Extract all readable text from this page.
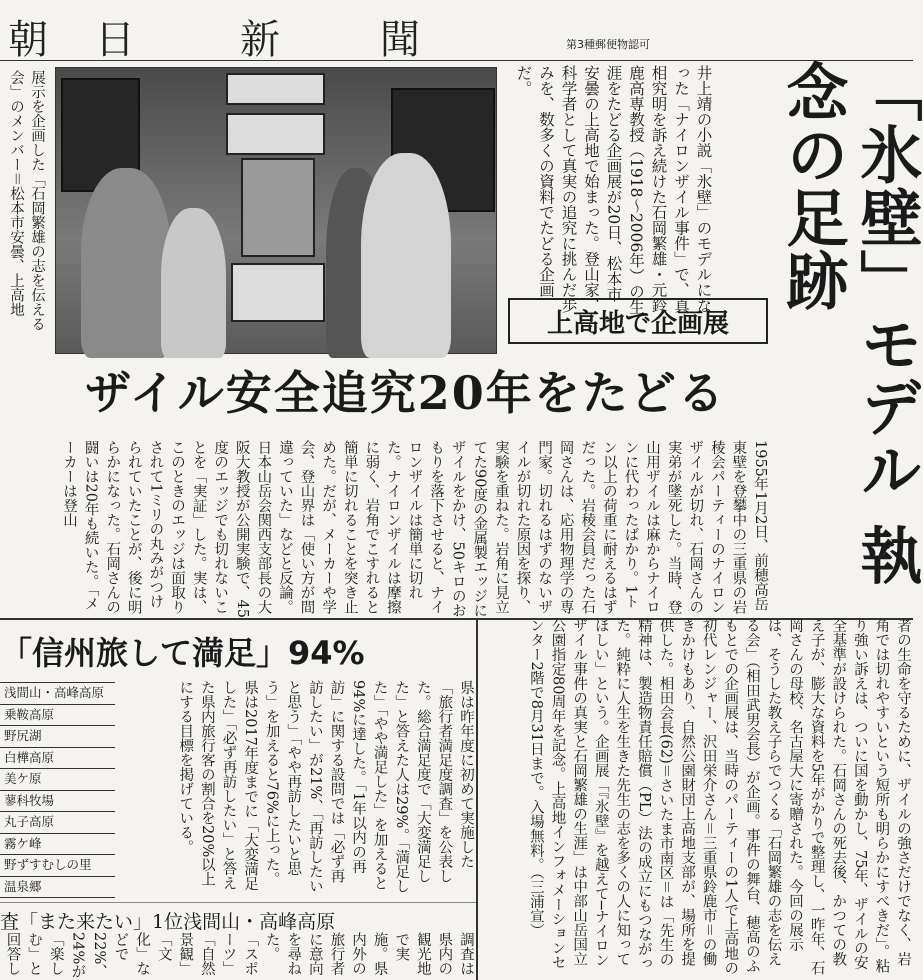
朝 日	新	聞	第3種郵便物認可
展示を企画した「石岡繁雄の志を伝える会」のメンバー＝松本市安曇、上高地	井上靖の小説「氷壁」のモデルになった「ナイロンザイル事件」で、真相究明を訴え続けた石岡繁雄・元鈴鹿高専教授（1918〜2006年）の生涯をたどる企画展が20日、松本市安曇の上高地で始まった。登山家、科学者として真実の追究に挑んだ歩みを、数多くの資料でたどる企画だ。	「氷壁」モデル 執念の足跡
上高地で企画展
ザイル安全追究20年をたどる
1955年1月2日、前穂高岳東壁を登攀中の三重県の岩稜会パーティーのナイロンザイルが切れ、石岡さんの実弟が墜死した。当時、登山用ザイルは麻からナイロンに代わったばかり。1トン以上の荷重に耐えるはずだった。岩稜会員だった石岡さんは、応用物理学の専門家。切れるはずのないザイルが切れた原因を探り、実験を重ねた。岩角に見立てた90度の金属製エッジにザイルをかけ、50キロのおもりを落下させると、ナイロンザイルは簡単に切れた。ナイロンザイルは摩擦に弱く、岩角でこすれると簡単に切れることを突き止めた。だが、メーカーや学会、登山界は「使い方が間違っていた」などと反論。日本山岳会関西支部長の大阪大教授が公開実験で、45度のエッジでも切れないことを「実証」した。実は、このときのエッジは面取りされて1ミリの丸みがつけられていたことが、後に明らかになった。石岡さんの闘いは20年も続いた。「メーカーは登山
者の生命を守るために、ザイルの強さだけでなく、岩角では切れやすいという短所も明らかにすべきだ」。粘り強い訴えは、ついに国を動かし、75年、ザイルの安全基準が設けられた。石岡さんの死去後、かつての教え子が、膨大な資料を5年がかりで整理し、一昨年、石岡さんの母校、名古屋大に寄贈された。今回の展示は、そうした教え子らでつくる「石岡繁雄の志を伝える会」（相田武男会長）が企画。事件の舞台、穂高のふもとでの企画展は、当時のパーティーの1人で上高地の初代レンジャー、沢田栄介さん＝三重県鈴鹿市＝の働きかけもあり、自然公園財団上高地支部が、場所を提供した。相田会長(62)＝さいたま市南区＝は「先生の精神は、製造物責任賠償（PL）法の成立にもつながった。純粋に人生を生きた先生の志を多くの人に知ってほしい」という。企画展「『氷壁』を越えて─ナイロンザイル事件の真実と石岡繁雄の生涯」は中部山岳国立公園指定80周年を記念。上高地インフォメーションセンター2階で8月31日まで。入場無料。（三浦宣）
「信州旅して満足」94%
浅間山・高峰高原
乗鞍高原
野尻湖
白樺高原
美ケ原
蓼科牧場
丸子高原
霧ケ峰
野ずすむしの里
温泉郷
県は昨年度に初めて実施した「旅行者満足度調査」を公表した。総合満足度で「大変満足した」と答えた人は29%。「満足した」「やや満足した」を加えると94%に達した。「1年以内の再訪」に関する設問では「必ず再訪したい」が21%、「再訪したいと思う」「やや再訪したいと思う」を加えると76%に上った。県は2017年度までに「大変満足した」「必ず再訪したい」と答えた県内旅行客の割合を20%以上にする目標を掲げている。
査「また来たい」1位浅間山・高峰高原
調査は県内の観光地で実施。県内外の旅行者に意向を尋ねた。「スポーツ」「自然景観」「文化」などで22%、24%が「楽しむ」と回答し
